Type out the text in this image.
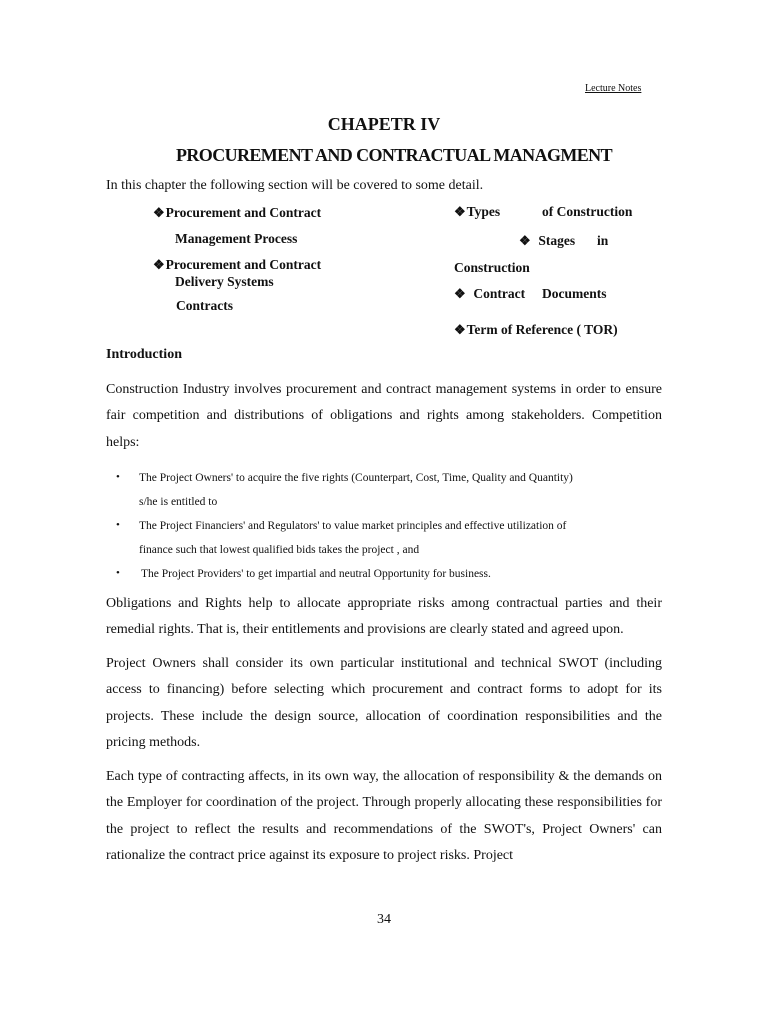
Lecture Notes
CHAPETR IV
PROCUREMENT AND CONTRACTUAL MANAGMENT
In this chapter the following section will be covered to some detail.
❖Procurement and Contract
Management Process
❖Procurement and Contract
Delivery Systems
Contracts
❖Types	of Construction
❖ Stages in
Construction
❖ Contract Documents
❖Term of Reference ( TOR)
Introduction
Construction Industry involves procurement and contract management systems in order to ensure fair competition and distributions of obligations and rights among stakeholders. Competition helps:
• The Project Owners' to acquire the five rights (Counterpart, Cost, Time, Quality and Quantity)
s/he is entitled to
• The Project Financiers' and Regulators' to value market principles and effective utilization of
finance such that lowest qualified bids takes the project , and
• The Project Providers' to get impartial and neutral Opportunity for business.
Obligations and Rights help to allocate appropriate risks among contractual parties and their remedial rights. That is, their entitlements and provisions are clearly stated and agreed upon.
Project Owners shall consider its own particular institutional and technical SWOT (including access to financing) before selecting which procurement and contract forms to adopt for its projects. These include the design source, allocation of coordination responsibilities and the pricing methods.
Each type of contracting affects, in its own way, the allocation of responsibility & the demands on the Employer for coordination of the project. Through properly allocating these responsibilities for the project to reflect the results and recommendations of the SWOT's, Project Owners' can rationalize the contract price against its exposure to project risks. Project
34
